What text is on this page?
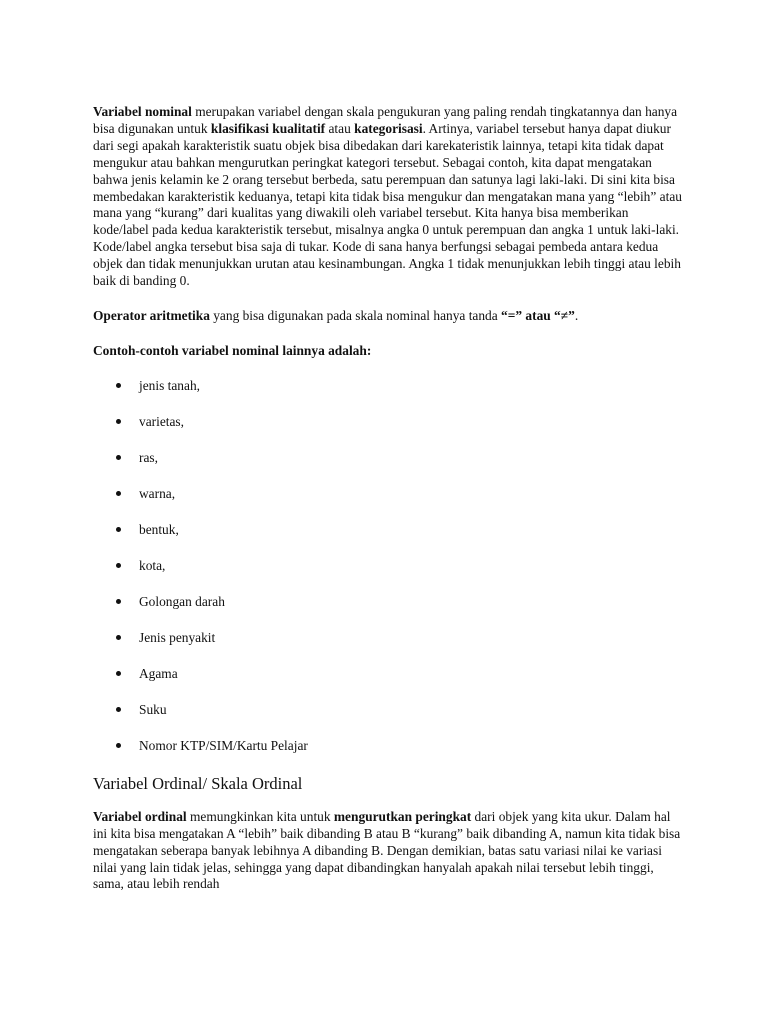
Variabel nominal merupakan variabel dengan skala pengukuran yang paling rendah tingkatannya dan hanya bisa digunakan untuk klasifikasi kualitatif atau kategorisasi. Artinya, variabel tersebut hanya dapat diukur dari segi apakah karakteristik suatu objek bisa dibedakan dari karekateristik lainnya, tetapi kita tidak dapat mengukur atau bahkan mengurutkan peringkat kategori tersebut. Sebagai contoh, kita dapat mengatakan bahwa jenis kelamin ke 2 orang tersebut berbeda, satu perempuan dan satunya lagi laki-laki. Di sini kita bisa membedakan karakteristik keduanya, tetapi kita tidak bisa mengukur dan mengatakan mana yang “lebih” atau mana yang “kurang” dari kualitas yang diwakili oleh variabel tersebut. Kita hanya bisa memberikan kode/label pada kedua karakteristik tersebut, misalnya angka 0 untuk perempuan dan angka 1 untuk laki-laki. Kode/label angka tersebut bisa saja di tukar. Kode di sana hanya berfungsi sebagai pembeda antara kedua objek dan tidak menunjukkan urutan atau kesinambungan. Angka 1 tidak menunjukkan lebih tinggi atau lebih baik di banding 0.

Operator aritmetika yang bisa digunakan pada skala nominal hanya tanda “=” atau “≠”.

Contoh-contoh variabel nominal lainnya adalah:

jenis tanah,
varietas,
ras,
warna,
bentuk,
kota,
Golongan darah
Jenis penyakit
Agama
Suku
Nomor KTP/SIM/Kartu Pelajar
Variabel Ordinal/ Skala Ordinal

Variabel ordinal memungkinkan kita untuk mengurutkan peringkat dari objek yang kita ukur. Dalam hal ini kita bisa mengatakan A “lebih” baik dibanding B atau B “kurang” baik dibanding A, namun kita tidak bisa mengatakan seberapa banyak lebihnya A dibanding B. Dengan demikian, batas satu variasi nilai ke variasi nilai yang lain tidak jelas, sehingga yang dapat dibandingkan hanyalah apakah nilai tersebut lebih tinggi, sama, atau lebih rendah
